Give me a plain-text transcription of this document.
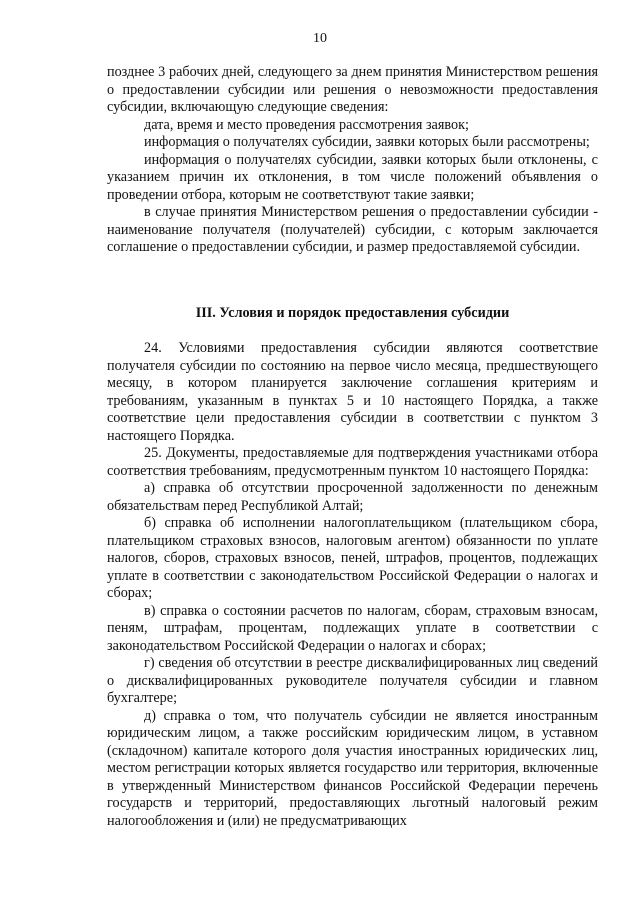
10

позднее 3 рабочих дней, следующего за днем принятия Министерством решения о предоставлении субсидии или решения о невозможности предоставления субсидии, включающую следующие сведения:

дата, время и место проведения рассмотрения заявок;

информация о получателях субсидии, заявки которых были рассмотрены;

информация о получателях субсидии, заявки которых были отклонены, с указанием причин их отклонения, в том числе положений объявления о проведении отбора, которым не соответствуют такие заявки;

в случае принятия Министерством решения о предоставлении субсидии - наименование получателя (получателей) субсидии, с которым заключается соглашение о предоставлении субсидии, и размер предоставляемой субсидии.

III. Условия и порядок предоставления субсидии

24. Условиями предоставления субсидии являются соответствие получателя субсидии по состоянию на первое число месяца, предшествующего месяцу, в котором планируется заключение соглашения критериям и требованиям, указанным в пунктах 5 и 10 настоящего Порядка, а также соответствие цели предоставления субсидии в соответствии с пунктом 3 настоящего Порядка.

25. Документы, предоставляемые для подтверждения участниками отбора соответствия требованиям, предусмотренным пунктом 10 настоящего Порядка:

а) справка об отсутствии просроченной задолженности по денежным обязательствам перед Республикой Алтай;

б) справка об исполнении налогоплательщиком (плательщиком сбора, плательщиком страховых взносов, налоговым агентом) обязанности по уплате налогов, сборов, страховых взносов, пеней, штрафов, процентов, подлежащих уплате в соответствии с законодательством Российской Федерации о налогах и сборах;

в) справка о состоянии расчетов по налогам, сборам, страховым взносам, пеням, штрафам, процентам, подлежащих уплате в соответствии с законодательством Российской Федерации о налогах и сборах;

г) сведения об отсутствии в реестре дисквалифицированных лиц сведений о дисквалифицированных руководителе получателя субсидии и главном бухгалтере;

д) справка о том, что получатель субсидии не является иностранным юридическим лицом, а также российским юридическим лицом, в уставном (складочном) капитале которого доля участия иностранных юридических лиц, местом регистрации которых является государство или территория, включенные в утвержденный Министерством финансов Российской Федерации перечень государств и территорий, предоставляющих льготный налоговый режим налогообложения и (или) не предусматривающих
